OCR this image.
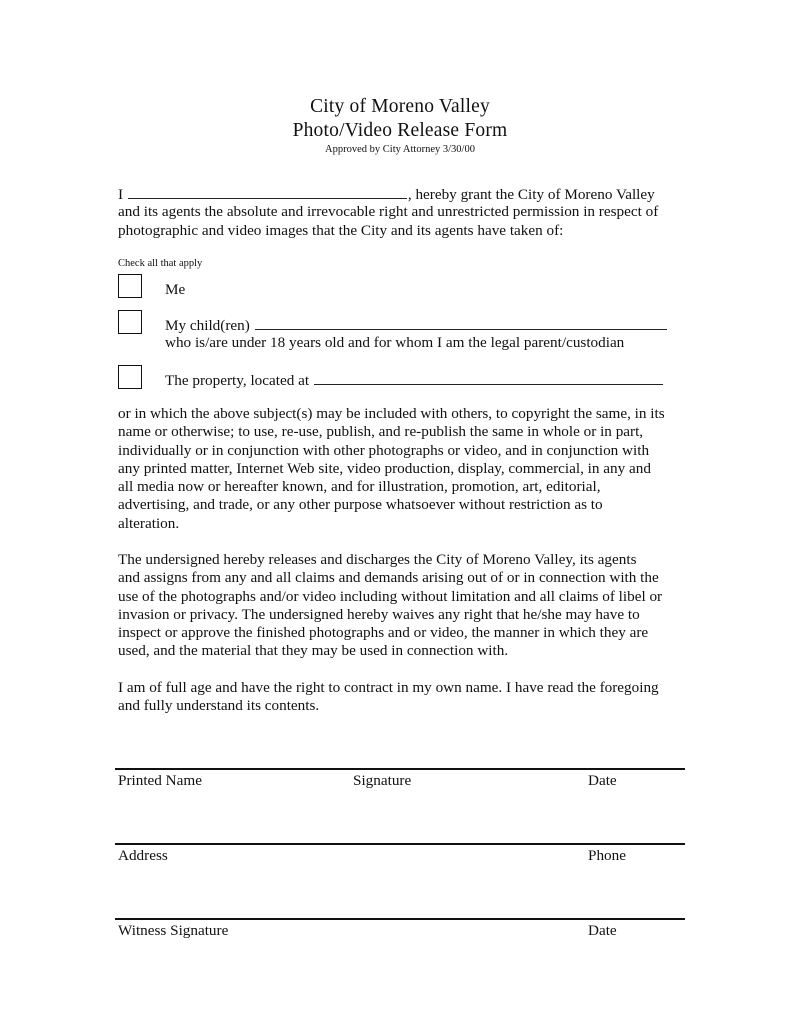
City of Moreno Valley
Photo/Video Release Form
Approved by City Attorney 3/30/00
I	, hereby grant the City of Moreno Valley
and its agents the absolute and irrevocable right and unrestricted permission in respect of
photographic and video images that the City and its agents have taken of:
Check all that apply
Me
My child(ren)
who is/are under 18 years old and for whom I am the legal parent/custodian
The property, located at
or in which the above subject(s) may be included with others, to copyright the same, in its
name or otherwise; to use, re-use, publish, and re-publish the same in whole or in part,
individually or in conjunction with other photographs or video, and in conjunction with
any printed matter, Internet Web site, video production, display, commercial, in any and
all media now or hereafter known, and for illustration, promotion, art, editorial,
advertising, and trade, or any other purpose whatsoever without restriction as to
alteration.
The undersigned hereby releases and discharges the City of Moreno Valley, its agents
and assigns from any and all claims and demands arising out of or in connection with the
use of the photographs and/or video including without limitation and all claims of libel or
invasion or privacy. The undersigned hereby waives any right that he/she may have to
inspect or approve the finished photographs and or video, the manner in which they are
used, and the material that they may be used in connection with.
I am of full age and have the right to contract in my own name. I have read the foregoing
and fully understand its contents.
Printed Name	Signature	Date
Address	Phone
Witness Signature	Date
